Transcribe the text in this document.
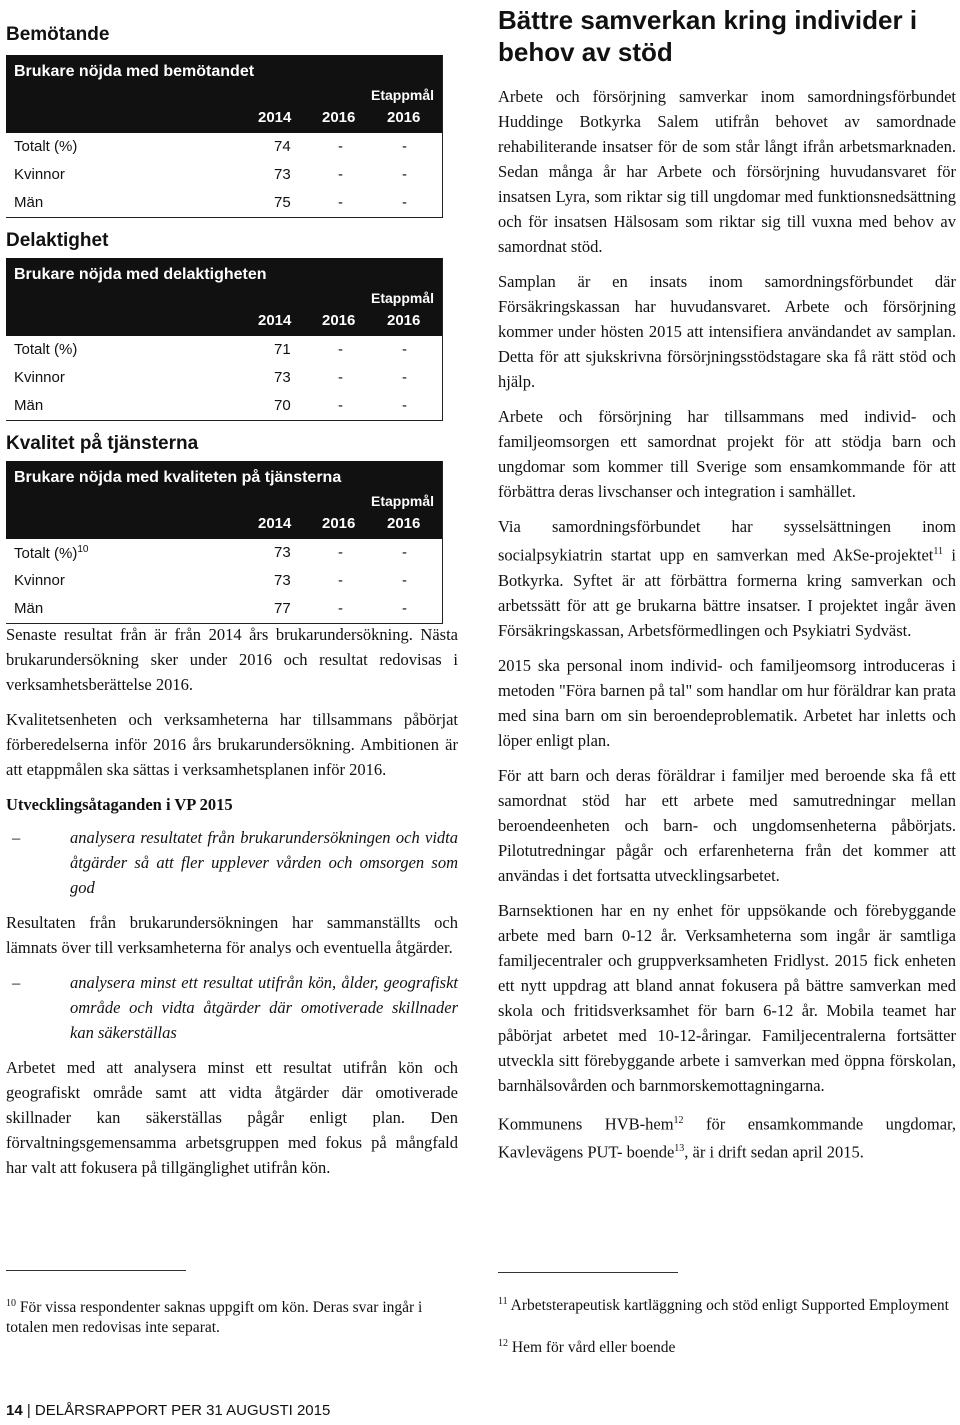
Bemötande
Brukare nöjda med bemötandet
Etappmål
2014 2016 2016
Totalt (%)	74	-	-
Kvinnor	73	-	-
Män	75	-	-
Delaktighet
Brukare nöjda med delaktigheten
Etappmål
2014 2016 2016
Totalt (%)	71	-	-
Kvinnor	73	-	-
Män	70	-	-
Kvalitet på tjänsterna
Brukare nöjda med kvaliteten på tjänsterna
Etappmål
2014 2016 2016
Totalt (%)$^{10}$	73	-	-
Kvinnor	73	-	-
Män	77	-	-

Senaste resultat från är från 2014 års brukarundersökning. Nästa brukarundersökning sker under 2016 och resultat redovisas i verksamhetsberättelse 2016.

Kvalitetsenheten och verksamheterna har tillsammans påbörjat förberedelserna inför 2016 års brukarundersökning. Ambitionen är att etappmålen ska sättas i verksamhetsplanen inför 2016.

Utvecklingsåtaganden i VP 2015

–	analysera resultatet från brukarundersökningen och vidta åtgärder så att fler upplever vården och omsorgen som god

Resultaten från brukarundersökningen har sammanställts och lämnats över till verksamheterna för analys och eventuella åtgärder.

–	analysera minst ett resultat utifrån kön, ålder, geografiskt område och vidta åtgärder där omotiverade skillnader kan säkerställas

Arbetet med att analysera minst ett resultat utifrån kön och geografiskt område samt att vidta åtgärder där omotiverade skillnader kan säkerställas pågår enligt plan. Den förvaltningsgemensamma arbetsgruppen med fokus på mångfald har valt att fokusera på tillgänglighet utifrån kön.

Bättre samverkan kring individer i behov av stöd

Arbete och försörjning samverkar inom samordningsförbundet Huddinge Botkyrka Salem utifrån behovet av samordnade rehabiliterande insatser för de som står långt ifrån arbetsmarknaden. Sedan många år har Arbete och försörjning huvudansvaret för insatsen Lyra, som riktar sig till ungdomar med funktionsnedsättning och för insatsen Hälsosam som riktar sig till vuxna med behov av samordnat stöd.

Samplan är en insats inom samordningsförbundet där Försäkringskassan har huvudansvaret. Arbete och försörjning kommer under hösten 2015 att intensifiera användandet av samplan. Detta för att sjukskrivna försörjningsstödstagare ska få rätt stöd och hjälp.

Arbete och försörjning har tillsammans med individ- och familjeomsorgen ett samordnat projekt för att stödja barn och ungdomar som kommer till Sverige som ensamkommande för att förbättra deras livschanser och integration i samhället.

Via samordningsförbundet har sysselsättningen inom socialpsykiatrin startat upp en samverkan med AkSe-projektet$^{11}$ i Botkyrka. Syftet är att förbättra formerna kring samverkan och arbetssätt för att ge brukarna bättre insatser. I projektet ingår även Försäkringskassan, Arbetsförmedlingen och Psykiatri Sydväst.

2015 ska personal inom individ- och familjeomsorg introduceras i metoden "Föra barnen på tal" som handlar om hur föräldrar kan prata med sina barn om sin beroendeproblematik. Arbetet har inletts och löper enligt plan.

För att barn och deras föräldrar i familjer med beroende ska få ett samordnat stöd har ett arbete med samutredningar mellan beroendeenheten och barn- och ungdomsenheterna påbörjats. Pilotutredningar pågår och erfarenheterna från det kommer att användas i det fortsatta utvecklingsarbetet.

Barnsektionen har en ny enhet för uppsökande och förebyggande arbete med barn 0-12 år. Verksamheterna som ingår är samtliga familjecentraler och gruppverksamheten Fridlyst. 2015 fick enheten ett nytt uppdrag att bland annat fokusera på bättre samverkan med skola och fritidsverksamhet för barn 6-12 år. Mobila teamet har påbörjat arbetet med 10-12-åringar. Familjecentralerna fortsätter utveckla sitt förebyggande arbete i samverkan med öppna förskolan, barnhälsovården och barnmorskemottagningarna.

Kommunens HVB-hem$^{12}$ för ensamkommande ungdomar, Kavlevägens PUT- boende$^{13}$, är i drift sedan april 2015.

$^{10}$ För vissa respondenter saknas uppgift om kön. Deras svar ingår i totalen men redovisas inte separat.
$^{11}$ Arbetsterapeutisk kartläggning och stöd enligt Supported Employment
$^{12}$ Hem för vård eller boende
14 | DELÅRSRAPPORT PER 31 AUGUSTI 2015
